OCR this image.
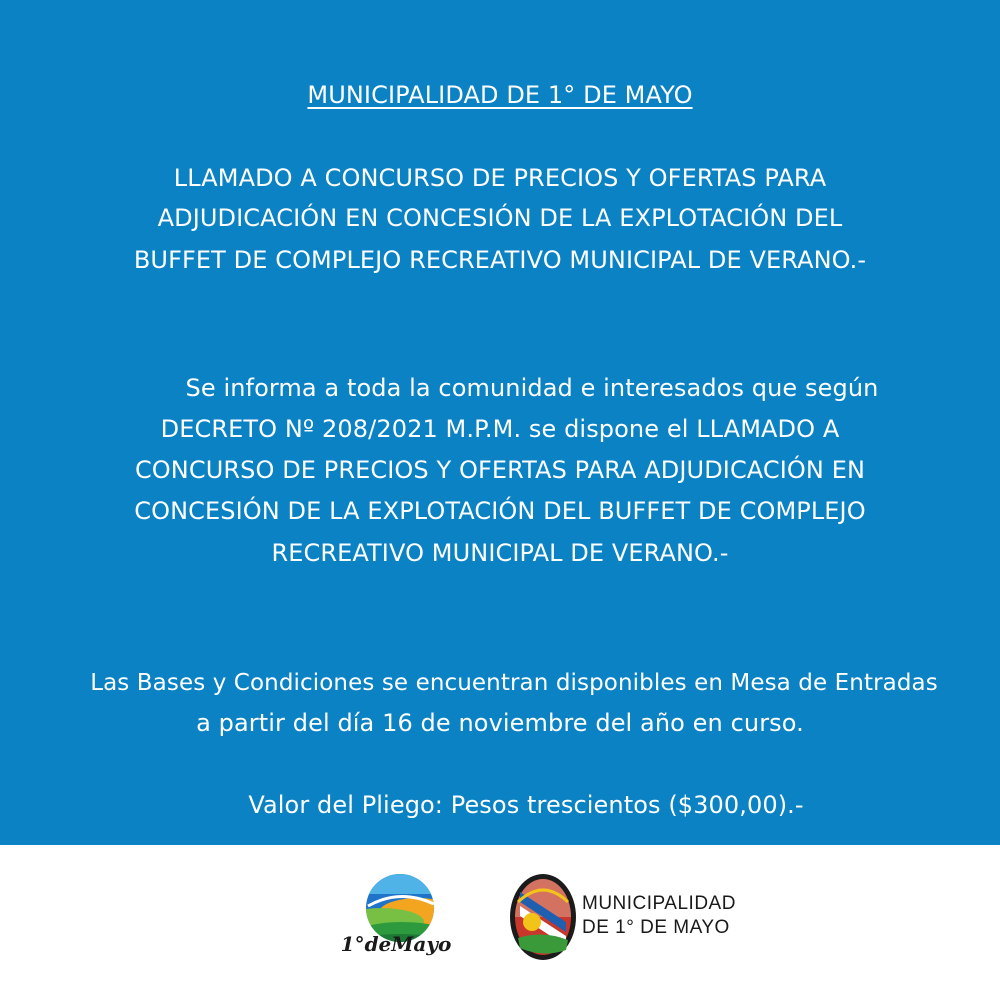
MUNICIPALIDAD DE 1° DE MAYO
LLAMADO A CONCURSO DE PRECIOS Y OFERTAS PARA
ADJUDICACIÓN EN CONCESIÓN DE LA EXPLOTACIÓN DEL
BUFFET DE COMPLEJO RECREATIVO MUNICIPAL DE VERANO.-
Se informa a toda la comunidad e interesados que según
DECRETO Nº 208/2021 M.P.M. se dispone el LLAMADO A
CONCURSO DE PRECIOS Y OFERTAS PARA ADJUDICACIÓN EN
CONCESIÓN DE LA EXPLOTACIÓN DEL BUFFET DE COMPLEJO
RECREATIVO MUNICIPAL DE VERANO.-
Las Bases y Condiciones se encuentran disponibles en Mesa de Entradas
a partir del día 16 de noviembre del año en curso.
Valor del Pliego: Pesos trescientos ($300,00).-
1°deMayo
MUNICIPALIDAD
DE 1° DE MAYO
